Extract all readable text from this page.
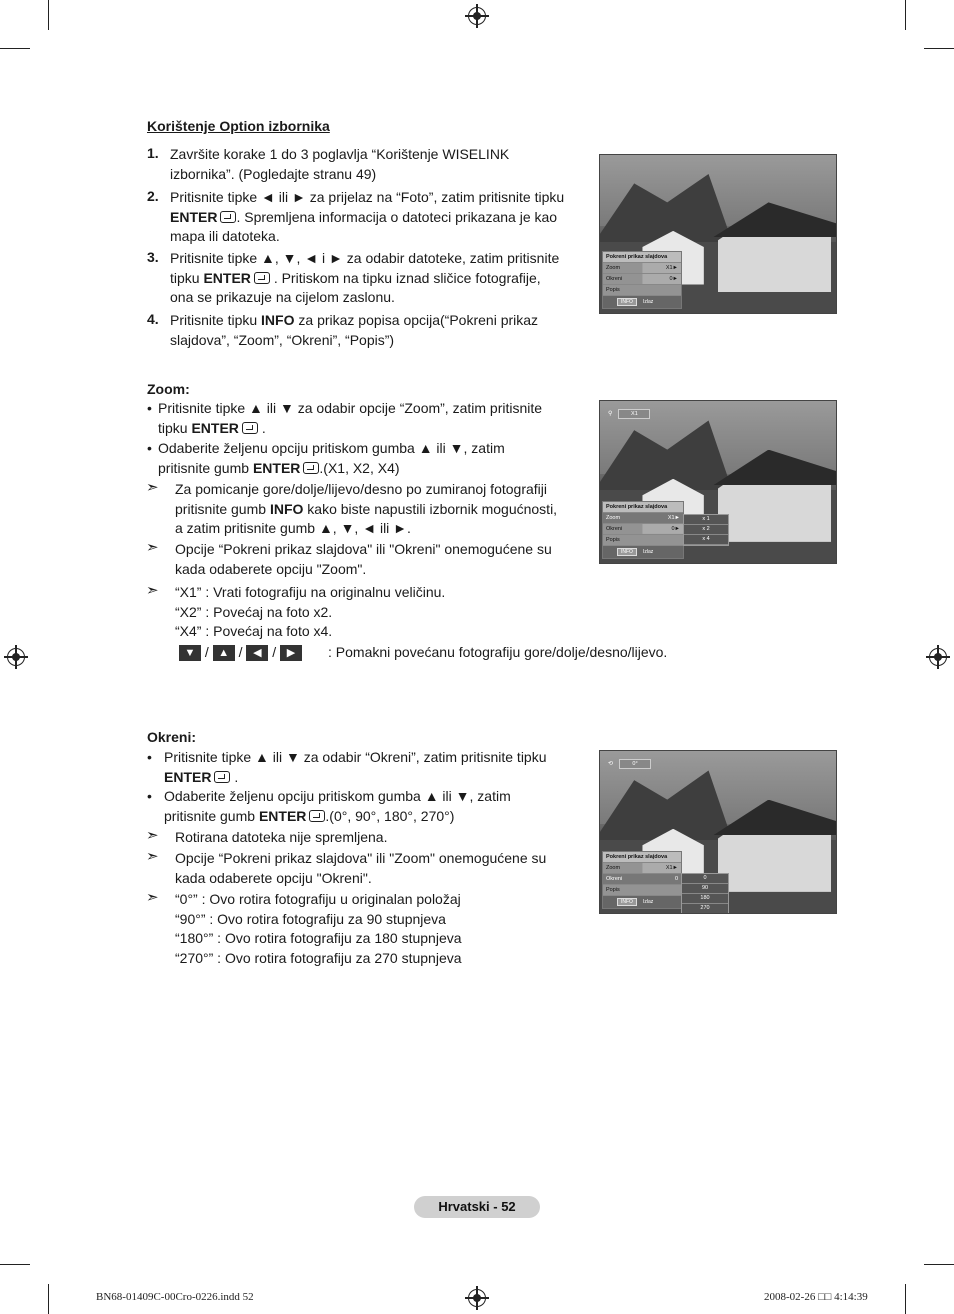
Korištenje Option izbornika
1. Završite korake 1 do 3 poglavlja “Korištenje WISELINK
izbornika”. (Pogledajte stranu 49)
2. Pritisnite tipke ◄ ili ► za prijelaz na “Foto”, zatim pritisnite tipku
ENTER . Spremljena informacija o datoteci prikazana je kao
mapa ili datoteka.
3. Pritisnite tipke ▲, ▼, ◄ i ► za odabir datoteke, zatim pritisnite
tipku ENTER . Pritiskom na tipku iznad sličice fotografije,
ona se prikazuje na cijelom zaslonu.
4. Pritisnite tipku INFO za prikaz popisa opcija(“Pokreni prikaz
slajdova”, “Zoom”, “Okreni”, “Popis”)
Pokreni prikaz slajdova
Zoom	X1►
Okreni	0►
Popis
INFO Izlaz
Zoom:
• Pritisnite tipke ▲ ili ▼ za odabir opcije “Zoom”, zatim pritisnite
tipku ENTER .
• Odaberite željenu opciju pritiskom gumba ▲ ili ▼, zatim
pritisnite gumb ENTER .(X1, X2, X4)
➣ Za pomicanje gore/dolje/lijevo/desno po zumiranoj fotografiji
pritisnite gumb INFO kako biste napustili izbornik mogućnosti,
a zatim pritisnite gumb ▲, ▼, ◄ ili ►.
➣ Opcije “Pokreni prikaz slajdova" ili "Okreni" onemogućene su
kada odaberete opciju "Zoom".
➣ “X1” : Vrati fotografiju na originalnu veličinu.
“X2” : Povećaj na foto x2.
“X4” : Povećaj na foto x4.
▼ / ▲ / ◀ / ▶	: Pomakni povećanu fotografiju gore/dolje/desno/lijevo.
⚲	X1
Pokreni prikaz slajdova
Zoom	X1►
Okreni	0►
Popis
INFO Izlaz
x 1
x 2
x 4
Okreni:
• Pritisnite tipke ▲ ili ▼ za odabir “Okreni”, zatim pritisnite tipku
ENTER .
• Odaberite željenu opciju pritiskom gumba ▲ ili ▼, zatim
pritisnite gumb ENTER .(0°, 90°, 180°, 270°)
➣ Rotirana datoteka nije spremljena.
➣ Opcije “Pokreni prikaz slajdova" ili "Zoom" onemogućene su
kada odaberete opciju "Okreni".
➣ “0°” : Ovo rotira fotografiju u originalan položaj
“90°” : Ovo rotira fotografiju za 90 stupnjeva
“180°” : Ovo rotira fotografiju za 180 stupnjeva
“270°” : Ovo rotira fotografiju za 270 stupnjeva
⟲	0°
Pokreni prikaz slajdova
Zoom	X1►
Okreni	0
Popis
INFO Izlaz
0
90
180
270
Hrvatski - 52
BN68-01409C-00Cro-0226.indd 52	2008-02-26 □□ 4:14:39
